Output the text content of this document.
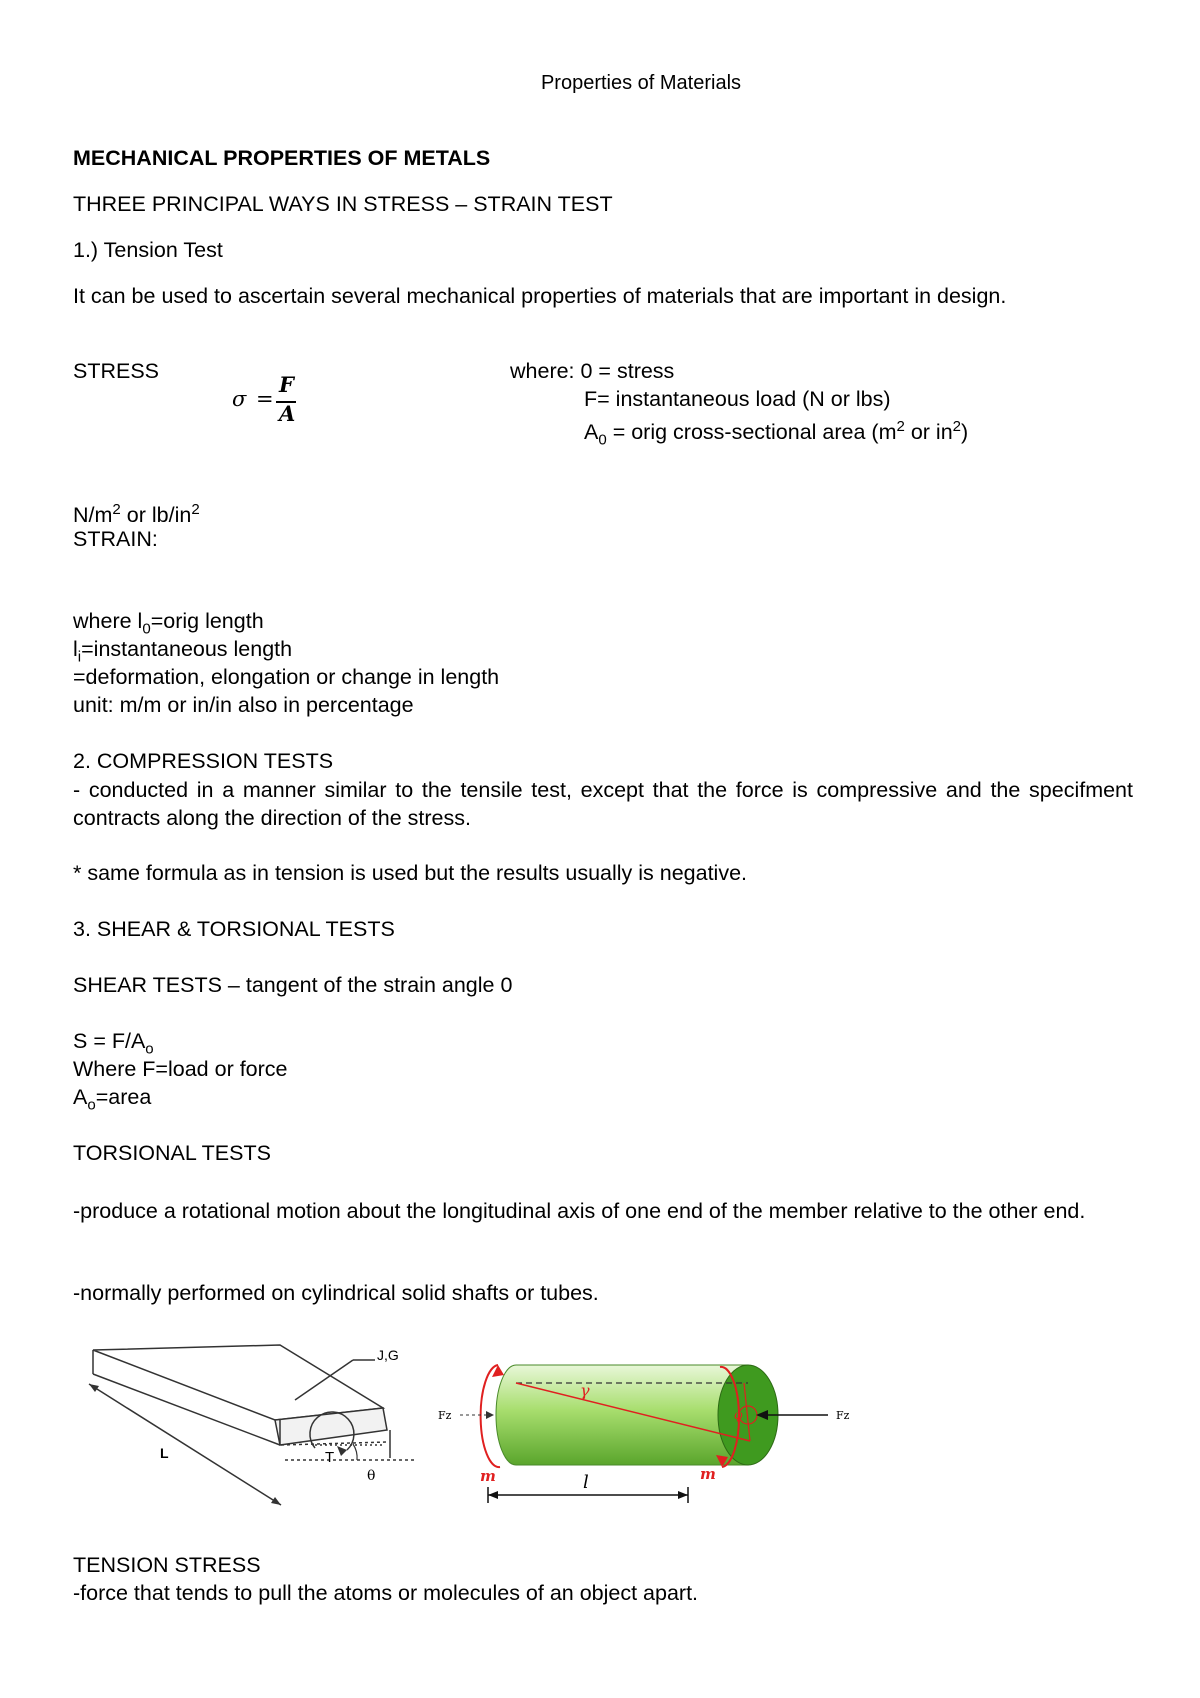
Properties of Materials
MECHANICAL PROPERTIES OF METALS
THREE PRINCIPAL WAYS IN STRESS – STRAIN TEST
1.) Tension Test
It can be used to ascertain several mechanical properties of materials that are important in design.
STRESS
σ =
F
A
where: 0 = stress
F= instantaneous load (N or lbs)
$A_0$ = orig cross-sectional area ($m^2$ or $in^2$)
$N/m^2$ or $lb/in^2$
STRAIN:
where $l_0=orig$ length
$l_i=instantaneous$ length
=deformation, elongation or change in length
unit: m/m or in/in also in percentage
2. COMPRESSION TESTS
- conducted in a manner similar to the tensile test, except that the force is compressive and the specifment contracts along the direction of the stress.
* same formula as in tension is used but the results usually is negative.
3. SHEAR & TORSIONAL TESTS
SHEAR TESTS – tangent of the strain angle 0
$S = F/A_o$
Where F=load or force
$A_o=area$
TORSIONAL TESTS
-produce a rotational motion about the longitudinal axis of one end of the member relative to the other end.
-normally performed on cylindrical solid shafts or tubes.
J,G
L	T
θ
Fz	Fz
γ
φ
m	m
l
TENSION STRESS
-force that tends to pull the atoms or molecules of an object apart.
